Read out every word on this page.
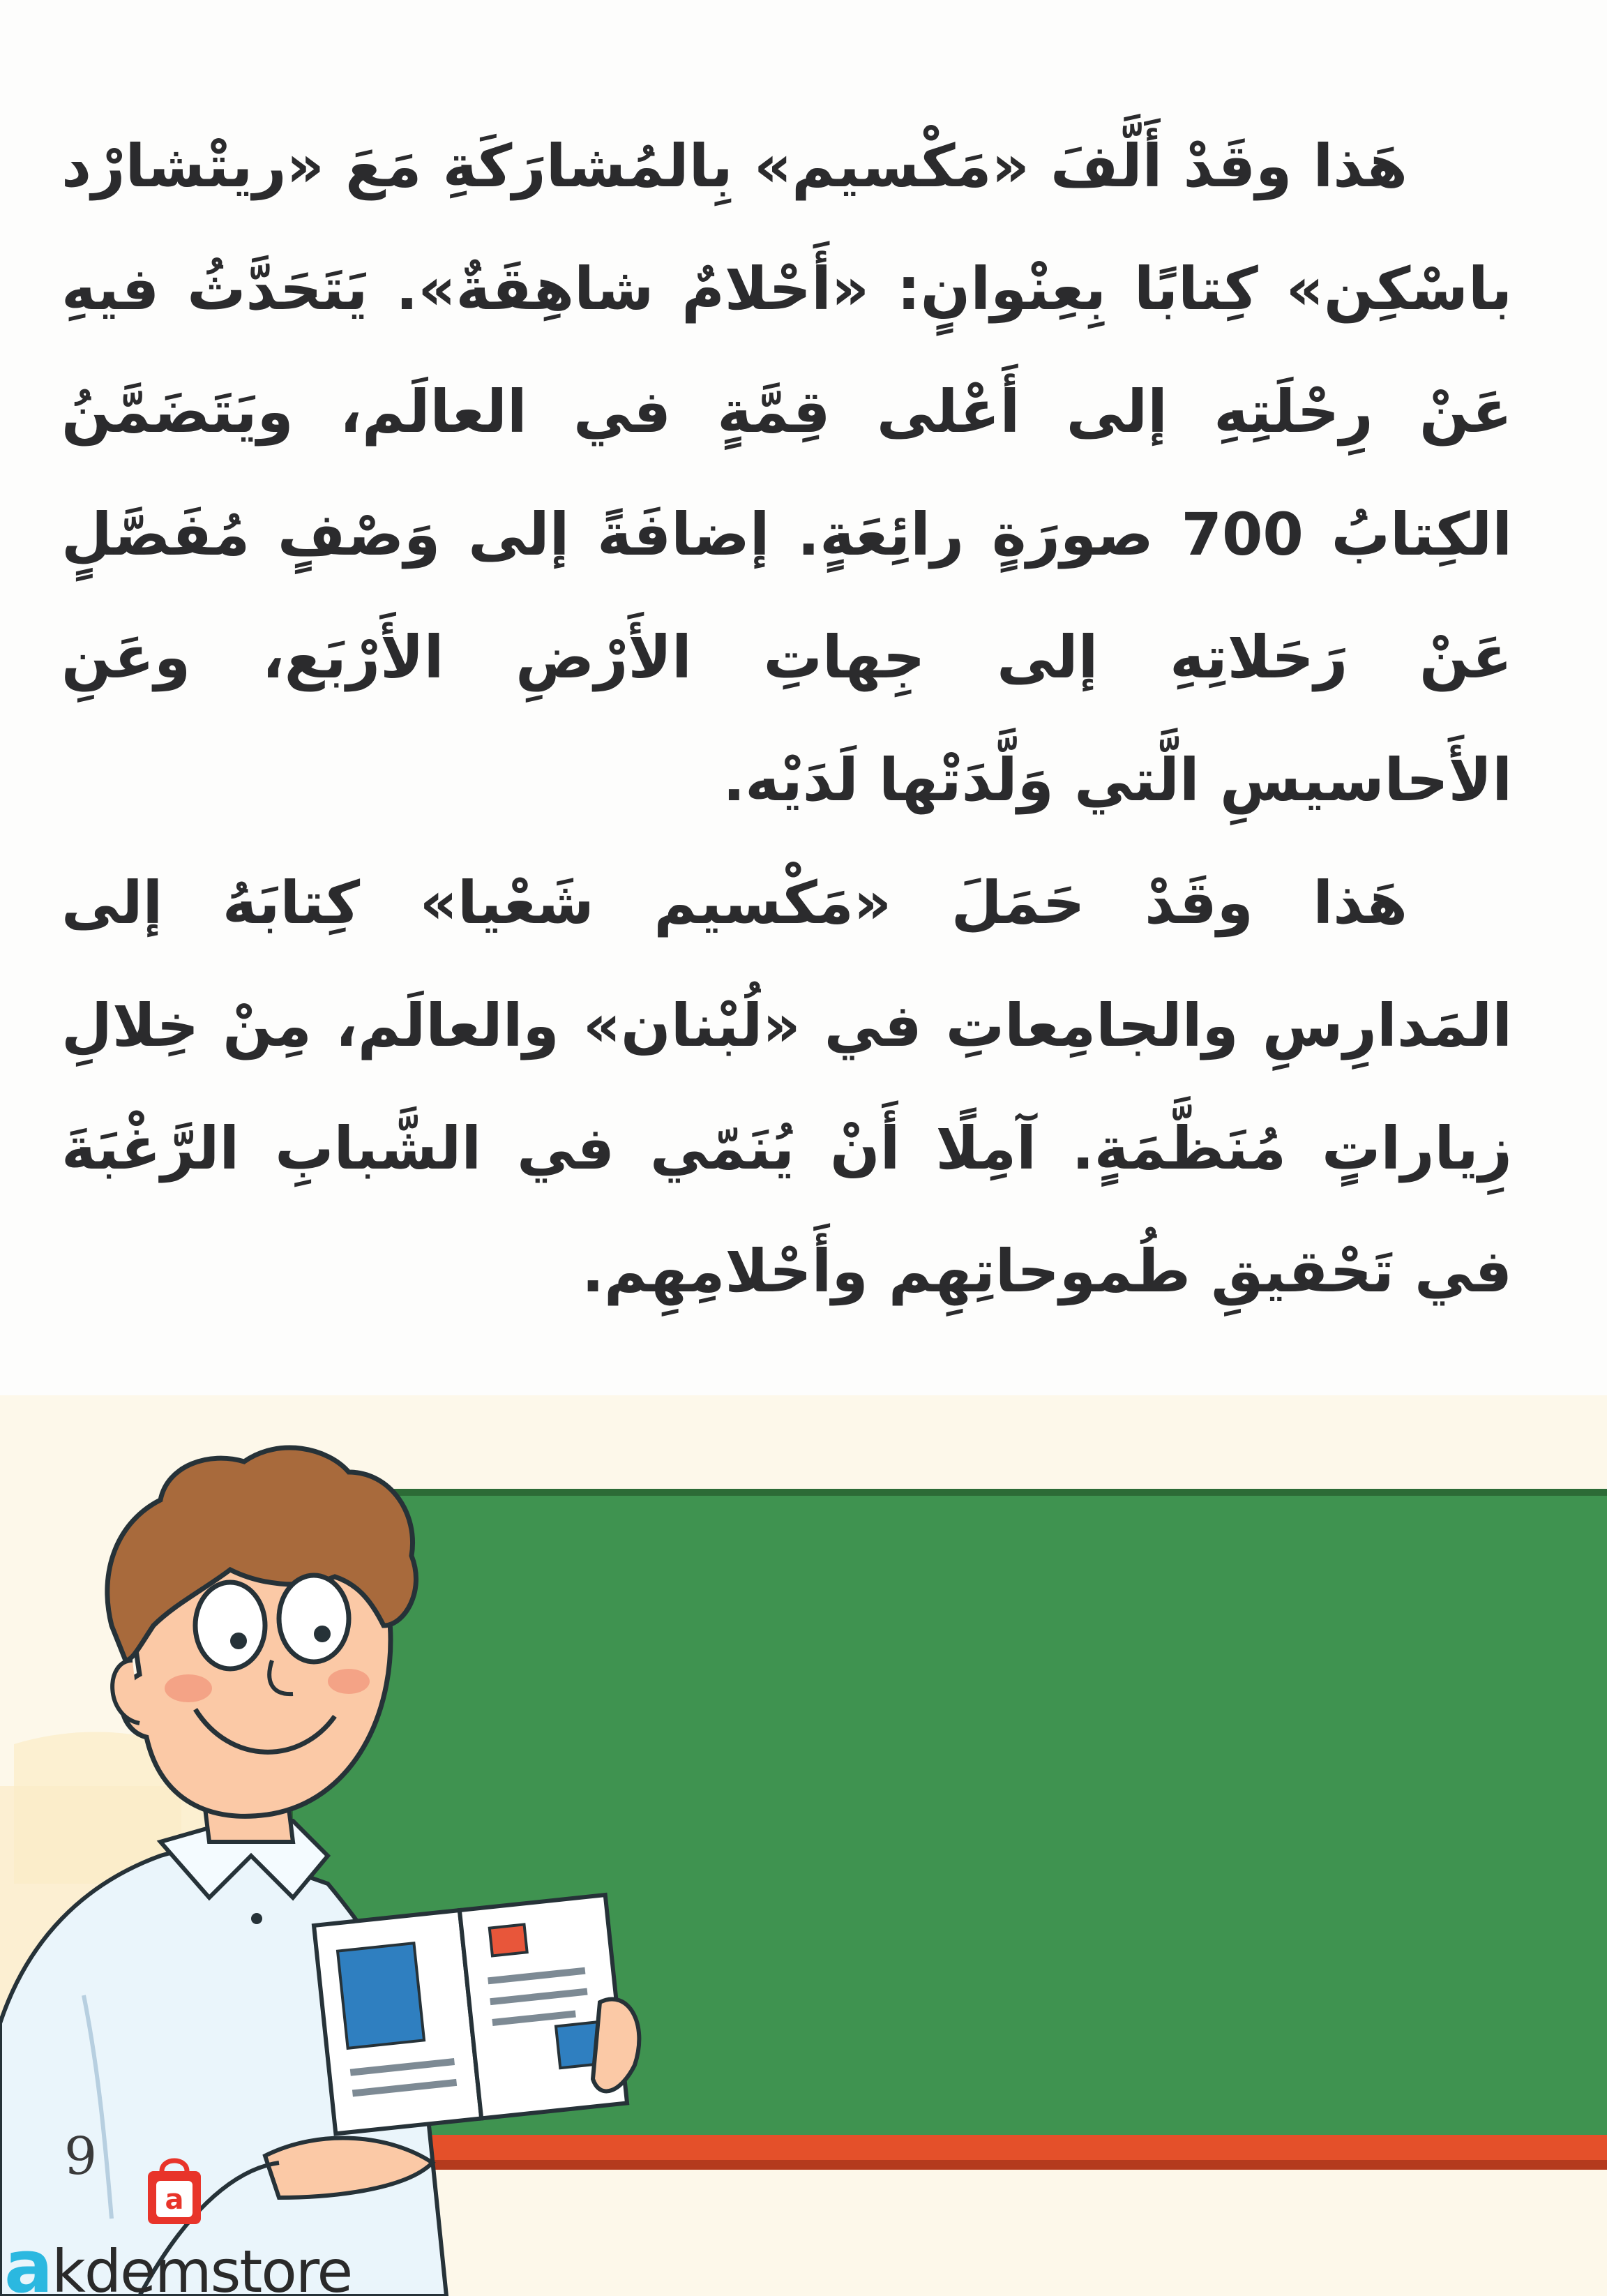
هَذا وقَدْ أَلَّفَ «مَكْسيم» بِالمُشارَكَةِ مَعَ «ريتْشارْد باسْكِن» كِتابًا بِعِنْوانٍ: «أَحْلامٌ شاهِقَةٌ». يَتَحَدَّثُ فيهِ عَنْ رِحْلَتِهِ إلى أَعْلى قِمَّةٍ في العالَم، ويَتَضَمَّنُ الكِتابُ 700 صورَةٍ رائِعَةٍ. إضافَةً إلى وَصْفٍ مُفَصَّلٍ عَنْ رَحَلاتِهِ إلى جِهاتِ الأَرْضِ الأَرْبَع، وعَنِ الأَحاسيسِ الَّتي وَلَّدَتْها لَدَيْه.

هَذا وقَدْ حَمَلَ «مَكْسيم شَعْيا» كِتابَهُ إلى المَدارِسِ والجامِعاتِ في «لُبْنان» والعالَم، مِنْ خِلالِ زِياراتٍ مُنَظَّمَةٍ. آمِلًا أَنْ يُنَمّي في الشَّبابِ الرَّغْبَةَ في تَحْقيقِ طُموحاتِهِم وأَحْلامِهِم.

9
a
akdemstore
